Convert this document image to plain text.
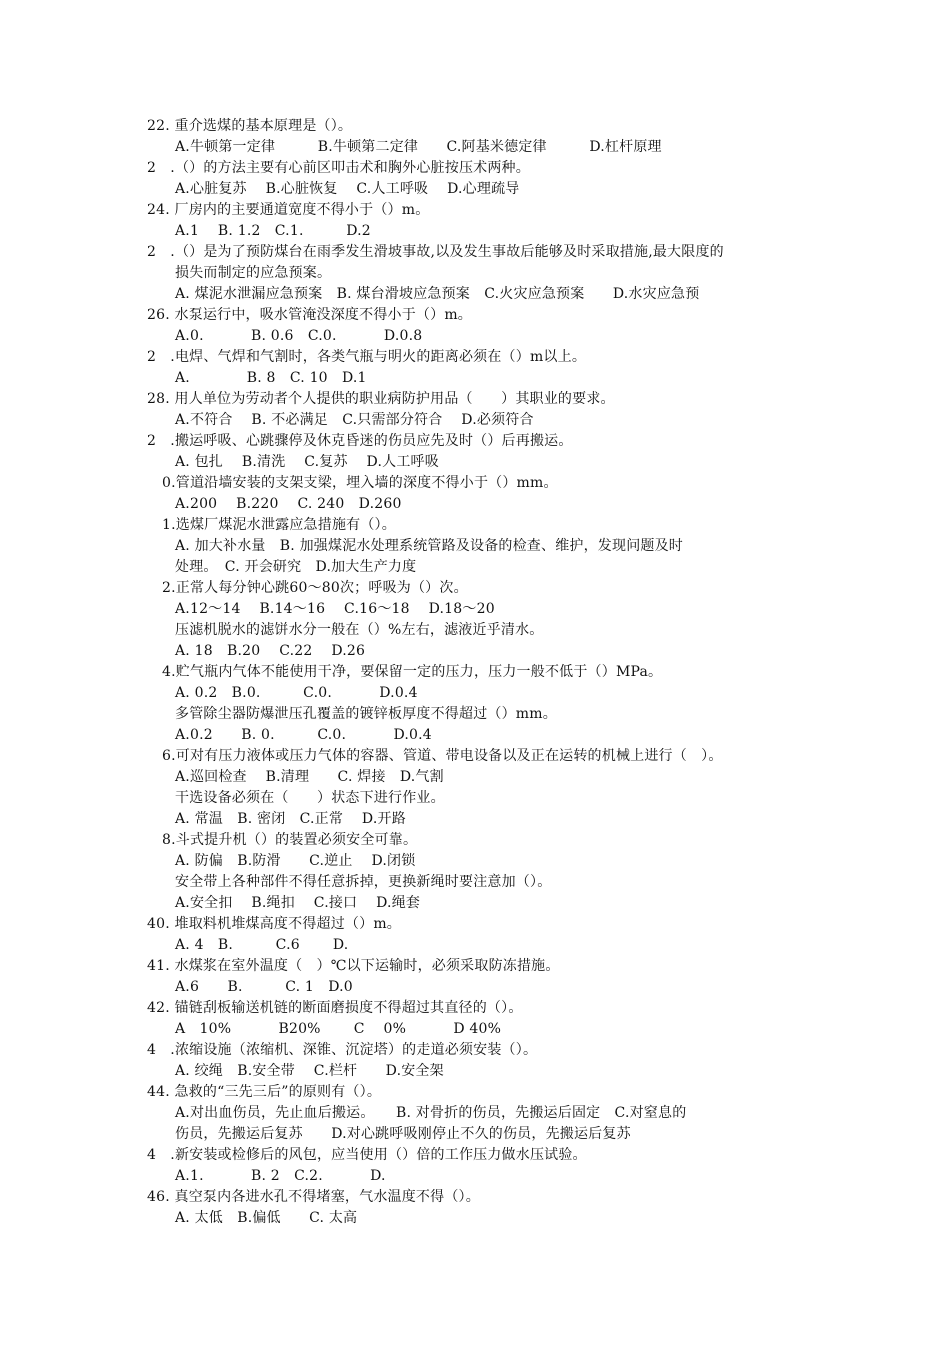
22. 重介选煤的基本原理是（）。
A.牛顿第一定律　　　B.牛顿第二定律　　C.阿基米德定律　　　D.杠杆原理
2　.（）的方法主要有心前区叩击术和胸外心脏按压术两种。
A.心脏复苏　 B.心脏恢复　 C.人工呼吸　 D.心理疏导
24. 厂房内的主要通道宽度不得小于（）m。
A.1　 B. 1.2　C.1.　　　D.2
2　.（）是为了预防煤台在雨季发生滑坡事故,以及发生事故后能够及时采取措施,最大限度的
损失而制定的应急预案。
A. 煤泥水泄漏应急预案　B. 煤台滑坡应急预案　C.火灾应急预案　　D.水灾应急预
26. 水泵运行中，吸水管淹没深度不得小于（）m。
A.0.　　　 B. 0.6　C.0.　　　 D.0.8
2　.电焊、气焊和气割时，各类气瓶与明火的距离必须在（）m以上。
A.　　　　B. 8　C. 10　D.1
28. 用人单位为劳动者个人提供的职业病防护用品（　　）其职业的要求。
A.不符合　 B. 不必满足　C.只需部分符合　 D.必须符合
2　.搬运呼吸、心跳骤停及休克昏迷的伤员应先及时（）后再搬运。
A. 包扎　 B.清洗　 C.复苏　 D.人工呼吸
0.管道沿墙安装的支架支梁，埋入墙的深度不得小于（）mm。
A.200　 B.220　 C. 240　D.260
1.选煤厂煤泥水泄露应急措施有（）。
A. 加大补水量　B. 加强煤泥水处理系统管路及设备的检查、维护，发现问题及时
处理。　C. 开会研究　D.加大生产力度
2.正常人每分钟心跳60～80次；呼吸为（）次。
A.12～14　 B.14～16　 C.16～18　 D.18～20
压滤机脱水的滤饼水分一般在（）%左右，滤液近乎清水。
A. 18　B.20　 C.22　 D.26
4.贮气瓶内气体不能使用干净，要保留一定的压力，压力一般不低于（）MPa。
A. 0.2　B.0.　　　C.0.　　　 D.0.4
多管除尘器防爆泄压孔覆盖的镀锌板厚度不得超过（）mm。
A.0.2　　B. 0.　　　C.0.　　　 D.0.4
6.可对有压力液体或压力气体的容器、管道、带电设备以及正在运转的机械上进行（　）。
A.巡回检查　 B.清理　　C. 焊接　D.气割
干选设备必须在（　　）状态下进行作业。
A. 常温　B. 密闭　C.正常　 D.开路
8.斗式提升机（）的装置必须安全可靠。
A. 防偏　B.防滑　　C.逆止　 D.闭锁
安全带上各种部件不得任意拆掉，更换新绳时要注意加（）。
A.安全扣　 B.绳扣　 C.接口　 D.绳套
40. 堆取料机堆煤高度不得超过（）m。
A. 4　B.　　　C.6　　 D.
41. 水煤浆在室外温度（　）℃以下运输时，必须采取防冻措施。
A.6　　B.　　　C. 1　D.0
42. 锚链刮板输送机链的断面磨损度不得超过其直径的（）。
A　10%　　　 B20%　　 C　 0%　　　 D 40%
4　.浓缩设施（浓缩机、深锥、沉淀塔）的走道必须安装（）。
A. 绞绳　B.安全带　 C.栏杆　　D.安全架
44. 急救的“三先三后”的原则有（）。
A.对出血伤员，先止血后搬运。　　B. 对骨折的伤员，先搬运后固定　C.对窒息的
伤员，先搬运后复苏　　D.对心跳呼吸刚停止不久的伤员，先搬运后复苏
4　.新安装或检修后的风包，应当使用（）倍的工作压力做水压试验。
A.1.　　　 B. 2　C.2.　　　 D.
46. 真空泵内各进水孔不得堵塞，气水温度不得（）。
A. 太低　B.偏低　　C. 太高
